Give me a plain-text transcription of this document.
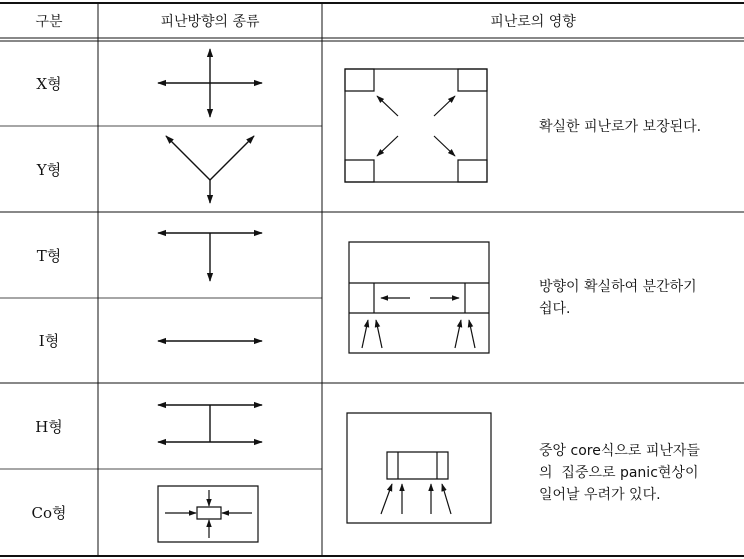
구분	피난방향의 종류	피난로의 영향
X형
Y형
T형
I형
H형
Co형
확실한 피난로가 보장된다.
방향이 확실하여 분간하기
쉽다.
중앙 core식으로 피난자들
의  집중으로 panic현상이
일어날 우려가 있다.
